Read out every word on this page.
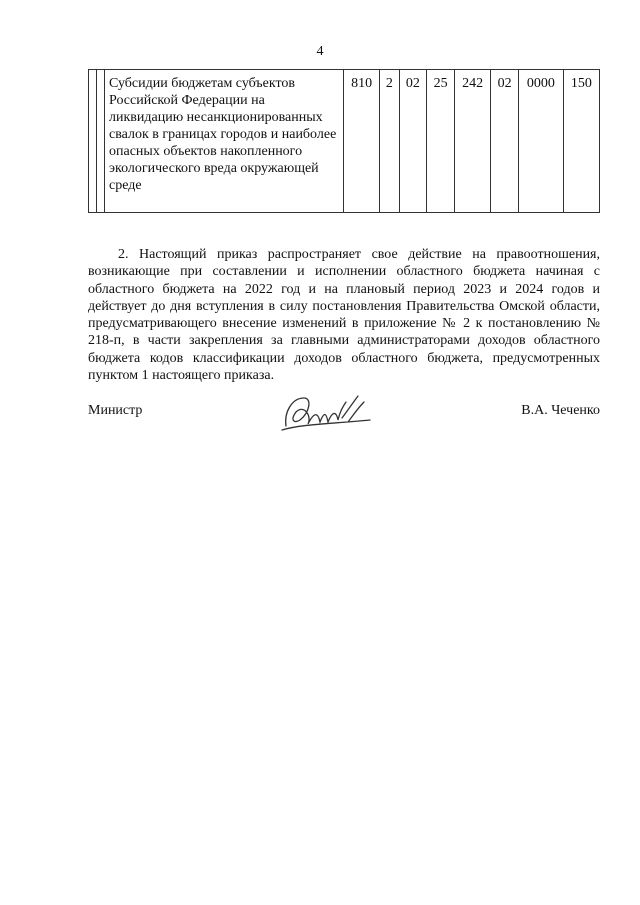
4
		Субсидии бюджетам субъектов Российской Федерации на ликвидацию несанкционированных свалок в границах городов и наиболее опасных объектов накопленного экологического вреда окружающей среде	810	2	02	25	242	02	0000	150

2. Настоящий приказ распространяет свое действие на правоотношения, возникающие при составлении и исполнении областного бюджета начиная с областного бюджета на 2022 год и на плановый период 2023 и 2024 годов и действует до дня вступления в силу постановления Правительства Омской области, предусматривающего внесение изменений в приложение № 2 к постановлению № 218-п, в части закрепления за главными администраторами доходов областного бюджета кодов классификации доходов областного бюджета, предусмотренных пунктом 1 настоящего приказа.

Министр	В.А. Чеченко
